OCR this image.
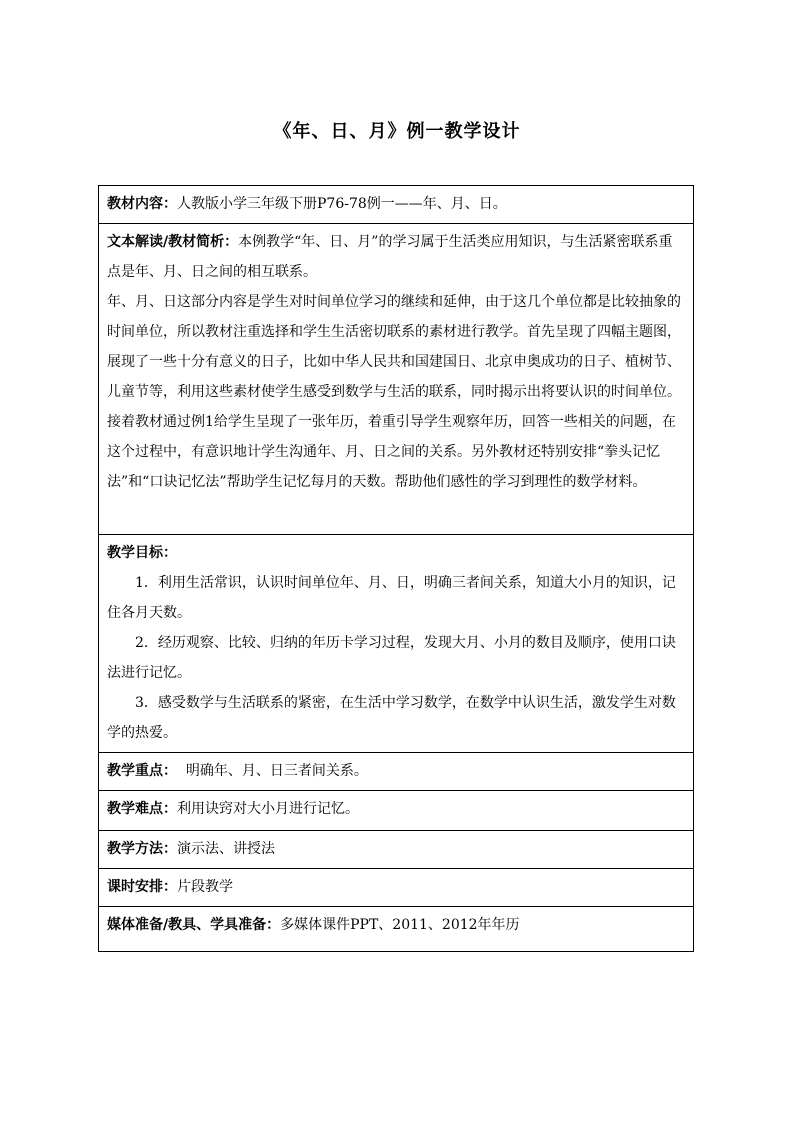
《年、日、月》例一教学设计
教材内容：人教版小学三年级下册P76-78例一——年、月、日。

文本解读/教材简析：本例教学“年、日、月”的学习属于生活类应用知识，与生活紧密联系重点是年、月、日之间的相互联系。

年、月、日这部分内容是学生对时间单位学习的继续和延伸，由于这几个单位都是比较抽象的时间单位，所以教材注重选择和学生生活密切联系的素材进行教学。首先呈现了四幅主题图，展现了一些十分有意义的日子，比如中华人民共和国建国日、北京申奥成功的日子、植树节、儿童节等，利用这些素材使学生感受到数学与生活的联系，同时揭示出将要认识的时间单位。接着教材通过例1给学生呈现了一张年历，着重引导学生观察年历，回答一些相关的问题，在这个过程中，有意识地计学生沟通年、月、日之间的关系。另外教材还特别安排“拳头记忆法”和“口诀记忆法”帮助学生记忆每月的天数。帮助他们感性的学习到理性的数学材料。

教学目标：

1．利用生活常识，认识时间单位年、月、日，明确三者间关系，知道大小月的知识，记住各月天数。

2．经历观察、比较、归纳的年历卡学习过程，发现大月、小月的数目及顺序，使用口诀法进行记忆。

3．感受数学与生活联系的紧密，在生活中学习数学，在数学中认识生活，激发学生对数学的热爱。

教学重点：  明确年、月、日三者间关系。
教学难点：利用诀窍对大小月进行记忆。
教学方法：演示法、讲授法
课时安排：片段教学
媒体准备/教具、学具准备：多媒体课件PPT、2011、2012年年历
